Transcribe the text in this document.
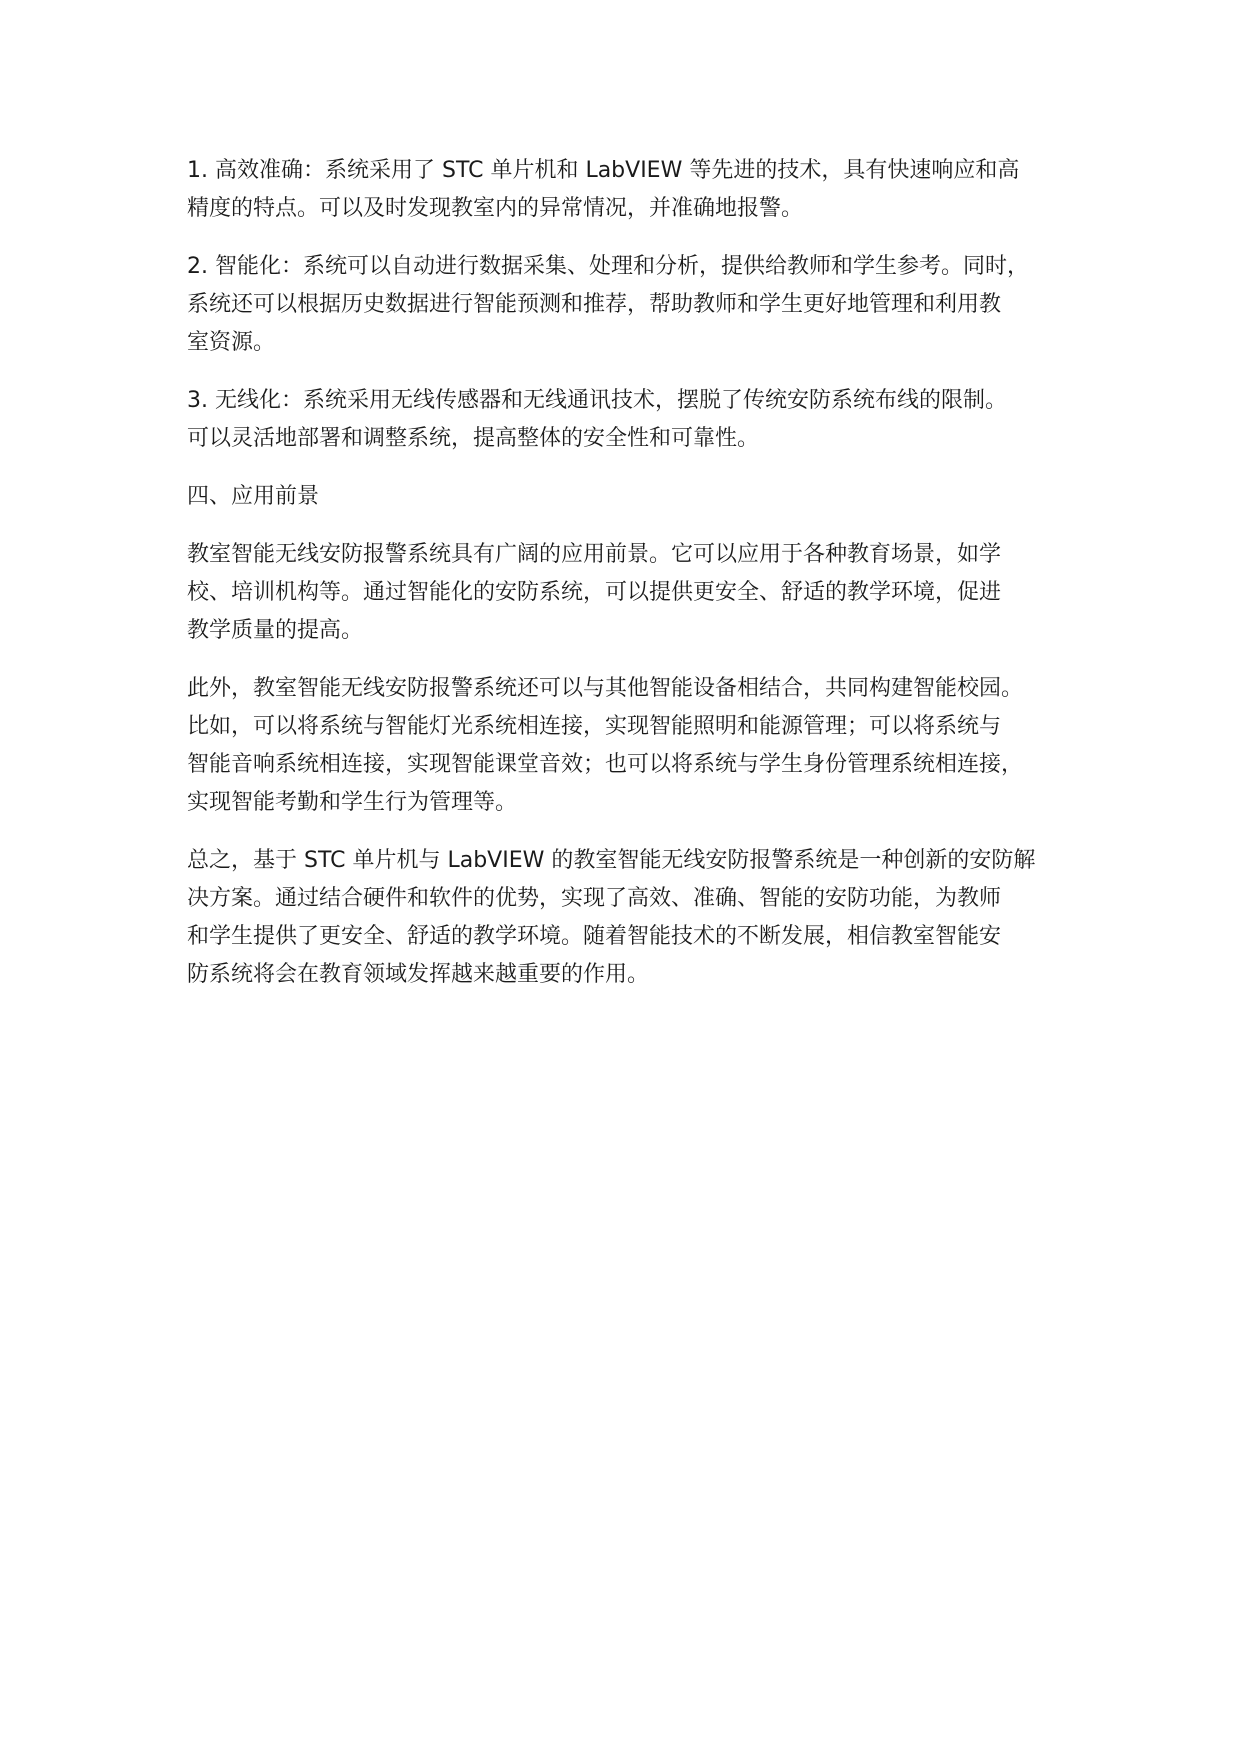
1. 高效准确：系统采用了 STC 单片机和 LabVIEW 等先进的技术，具有快速响应和高
精度的特点。可以及时发现教室内的异常情况，并准确地报警。

2. 智能化：系统可以自动进行数据采集、处理和分析，提供给教师和学生参考。同时，
系统还可以根据历史数据进行智能预测和推荐，帮助教师和学生更好地管理和利用教
室资源。

3. 无线化：系统采用无线传感器和无线通讯技术，摆脱了传统安防系统布线的限制。
可以灵活地部署和调整系统，提高整体的安全性和可靠性。

四、应用前景

教室智能无线安防报警系统具有广阔的应用前景。它可以应用于各种教育场景，如学
校、培训机构等。通过智能化的安防系统，可以提供更安全、舒适的教学环境，促进
教学质量的提高。

此外，教室智能无线安防报警系统还可以与其他智能设备相结合，共同构建智能校园。
比如，可以将系统与智能灯光系统相连接，实现智能照明和能源管理；可以将系统与
智能音响系统相连接，实现智能课堂音效；也可以将系统与学生身份管理系统相连接，
实现智能考勤和学生行为管理等。

总之，基于 STC 单片机与 LabVIEW 的教室智能无线安防报警系统是一种创新的安防解
决方案。通过结合硬件和软件的优势，实现了高效、准确、智能的安防功能，为教师
和学生提供了更安全、舒适的教学环境。随着智能技术的不断发展，相信教室智能安
防系统将会在教育领域发挥越来越重要的作用。
